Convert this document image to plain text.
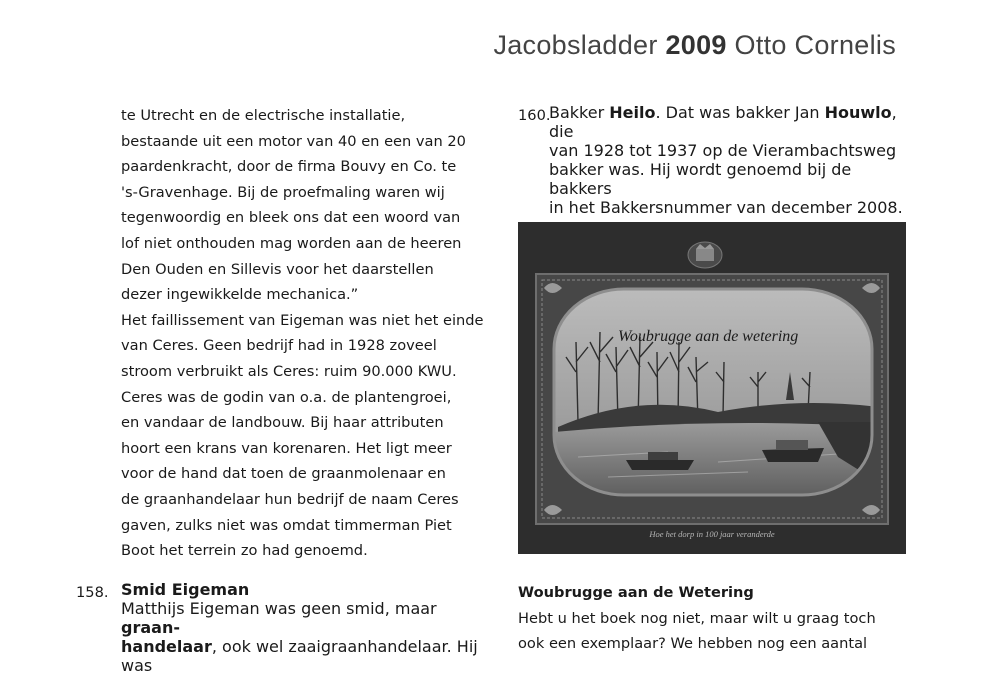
Jacobsladder 2009 Otto Cornelis
te Utrecht en de electrische installatie,
bestaande uit een motor van 40 en een van 20
paardenkracht, door de firma Bouvy en Co. te
's-Gravenhage. Bij de proefmaling waren wij
tegenwoordig en bleek ons dat een woord van
lof niet onthouden mag worden aan de heeren
Den Ouden en Sillevis voor het daarstellen
dezer ingewikkelde mechanica.”
Het faillissement van Eigeman was niet het einde
van Ceres. Geen bedrijf had in 1928 zoveel
stroom verbruikt als Ceres: ruim 90.000 KWU.
Ceres was de godin van o.a. de plantengroei,
en vandaar de landbouw. Bij haar attributen
hoort een krans van korenaren. Het ligt meer
voor de hand dat toen de graanmolenaar en
de graanhandelaar hun bedrijf de naam Ceres
gaven, zulks niet was omdat timmerman Piet
Boot het terrein zo had genoemd.
158. Smid Eigeman
Matthijs Eigeman was geen smid, maar graan-
handelaar, ook wel zaaigraanhandelaar. Hij was
160.
Bakker Heilo. Dat was bakker Jan Houwlo, die
van 1928 tot 1937 op de Vierambachtsweg
bakker was. Hij wordt genoemd bij de bakkers
in het Bakkersnummer van december 2008.
Woubrugge aan de wetering
Hoe het dorp in 100 jaar veranderde
Woubrugge aan de Wetering
Hebt u het boek nog niet, maar wilt u graag toch
ook een exemplaar? We hebben nog een aantal
